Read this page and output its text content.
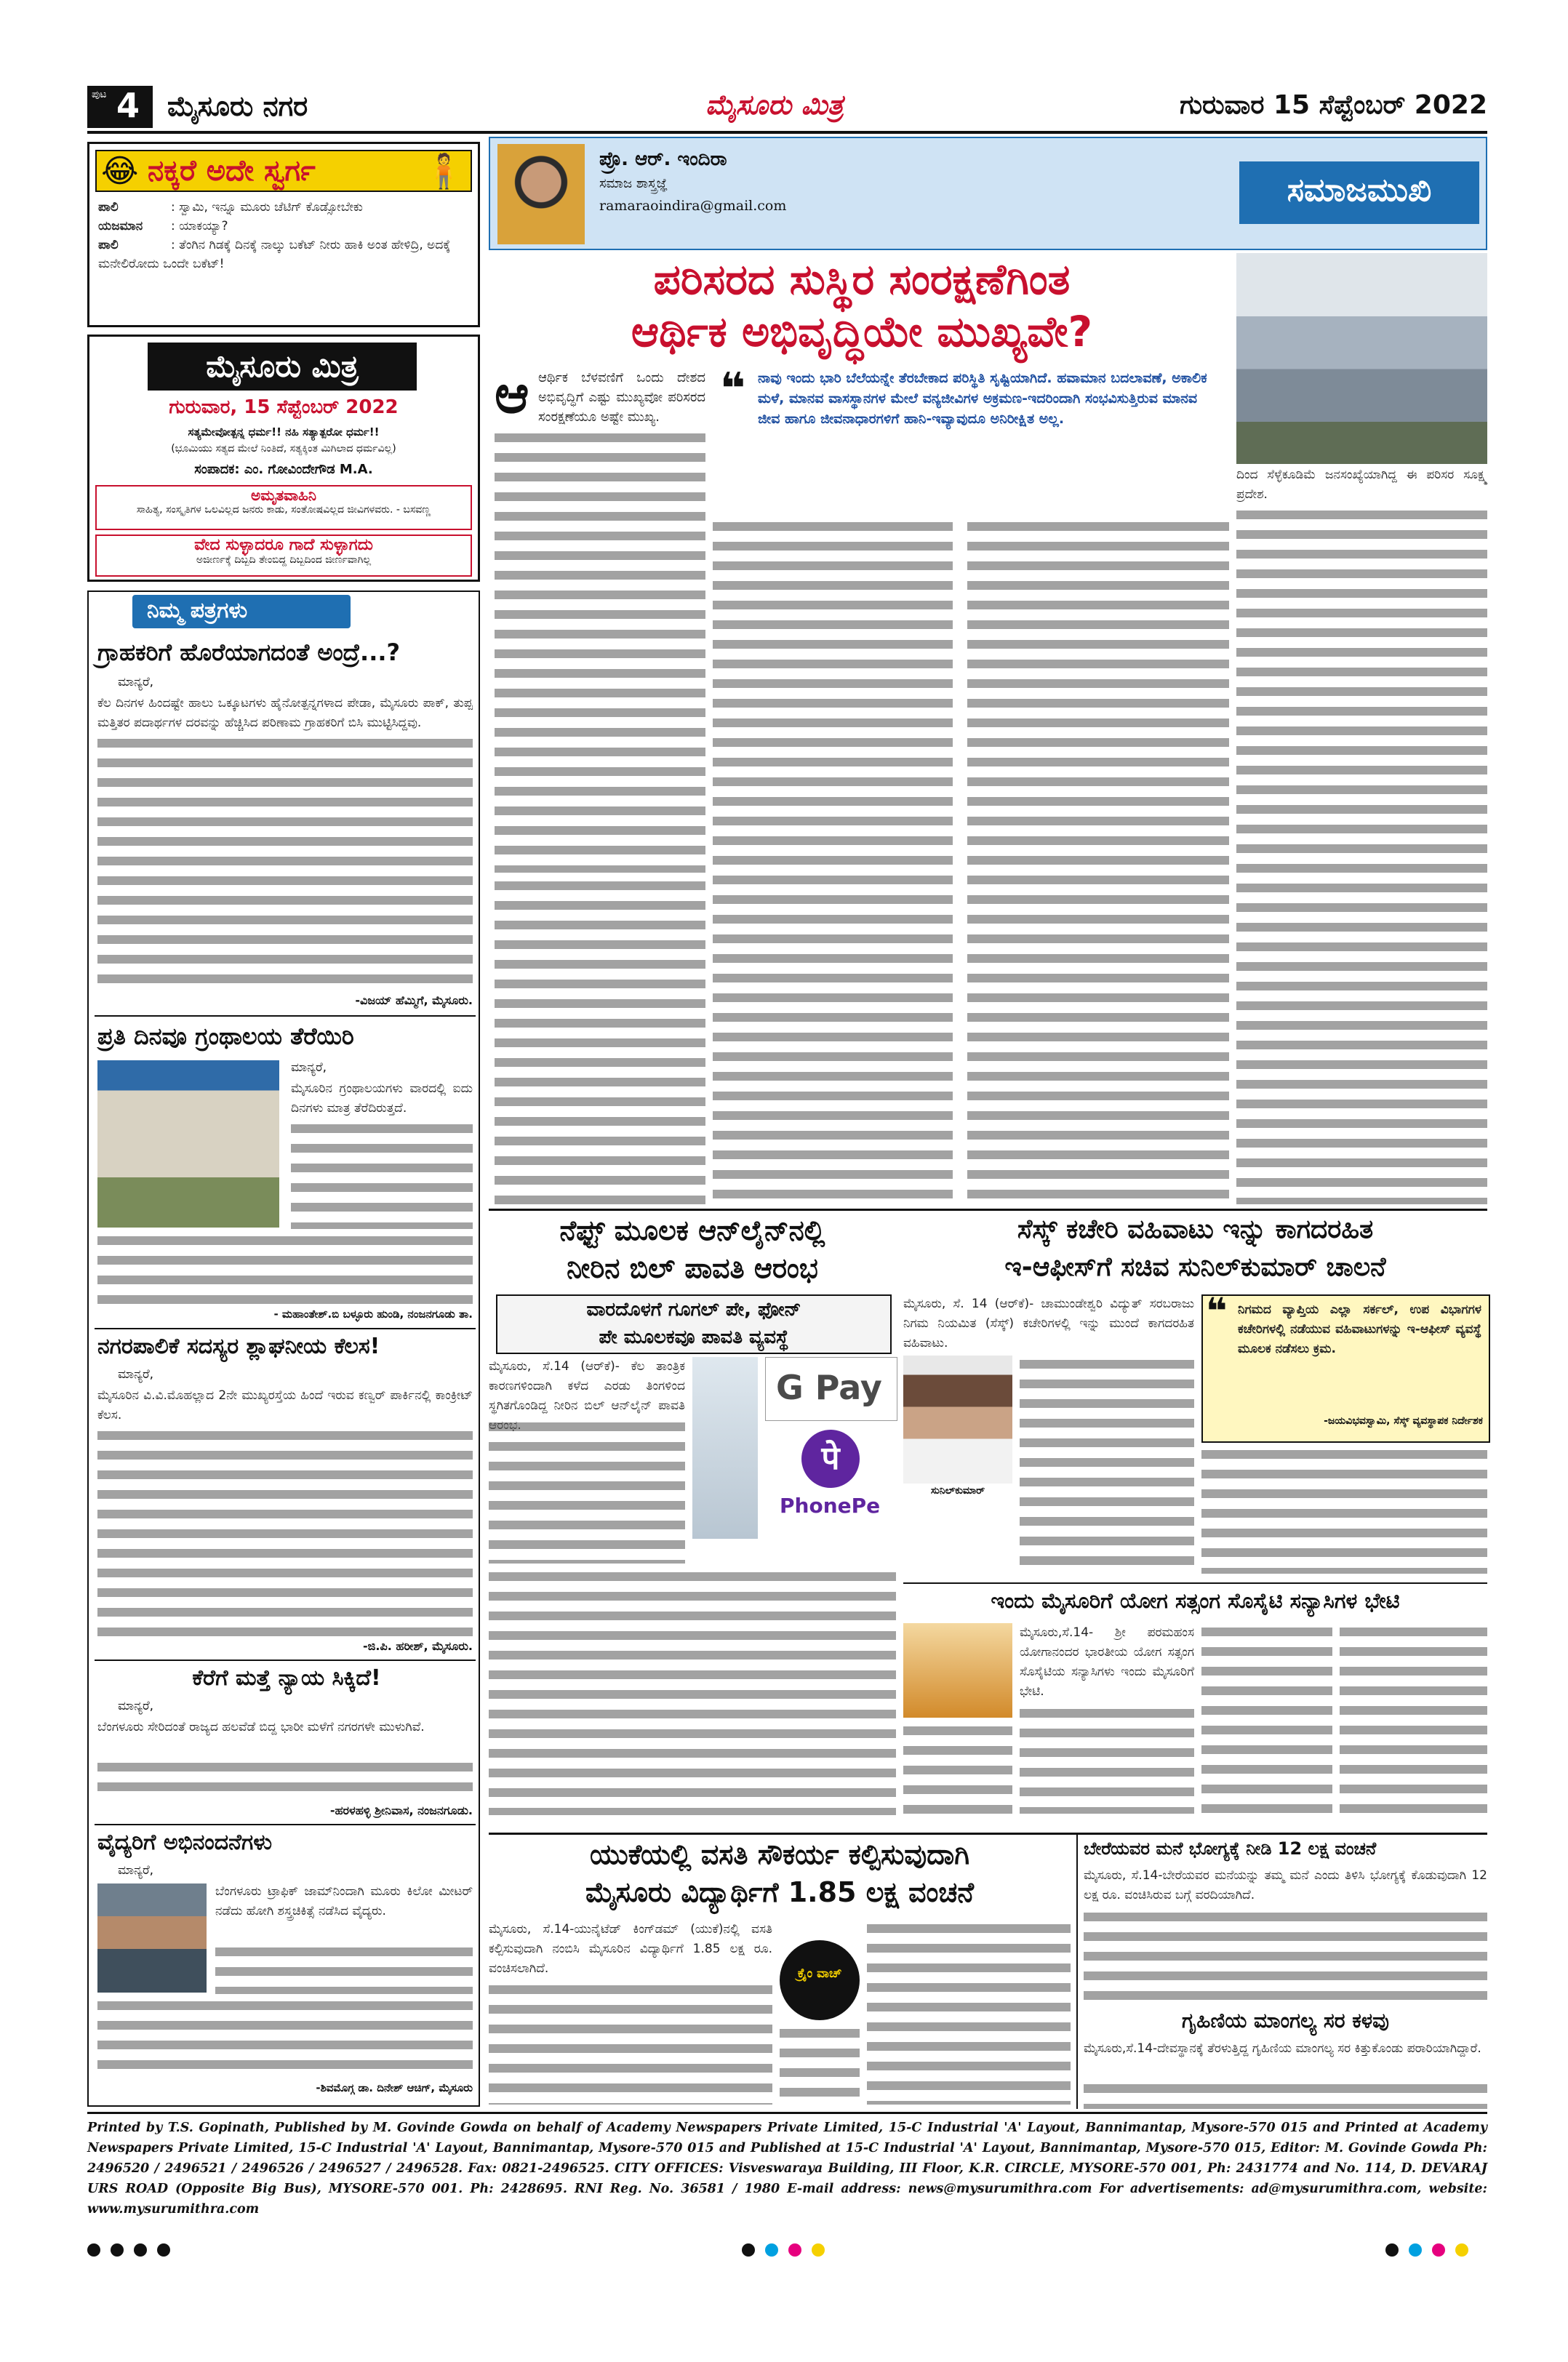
ಪುಟ 4 ಮೈಸೂರು ನಗರ	ಮೈಸೂರು ಮಿತ್ರ	ಗುರುವಾರ 15 ಸೆಪ್ಟೆಂಬರ್ 2022
😂 ನಕ್ಕರೆ ಅದೇ ಸ್ವರ್ಗ	🧍
ಪಾಲಿ	: ಸ್ವಾಮಿ, ಇನ್ನೂ ಮೂರು ಚೆಟಿಗ್ ಕೊಡ್ಸೋಬೇಕು
ಯಜಮಾನ : ಯಾಕಯ್ಯಾ?
ಪಾಲಿ	: ತೆಂಗಿನ ಗಿಡಕ್ಕೆ ದಿನಕ್ಕೆ ನಾಲ್ಕು ಬಕೆಟ್ ನೀರು ಹಾಕಿ ಅಂತ ಹೇಳಿದ್ರಿ, ಅದಕ್ಕೆ ಮನೇಲಿರೋದು ಒಂದೇ ಬಕೆಟ್!
ಮೈಸೂರು ಮಿತ್ರ
ಗುರುವಾರ, 15 ಸೆಪ್ಟೆಂಬರ್ 2022
ಸತ್ಯಮೇವೋತ್ಪನ್ನ ಧರ್ಮ!! ನಹಿ ಸತ್ಯಾತ್ಪರೋ ಧರ್ಮ!!
(ಭೂಮಿಯು ಸತ್ಯದ ಮೇಲೆ ನಿಂತಿದೆ, ಸತ್ಯಕ್ಕಿಂತ ಮಿಗಿಲಾದ ಧರ್ಮವಿಲ್ಲ)
ಸಂಪಾದಕ: ಎಂ. ಗೋವಿಂದೇಗೌಡ M.A.
ಅಮೃತವಾಹಿನಿ
ಸಾಹಿತ್ಯ, ಸಂಸ್ಕೃತಿಗಳ ಒಲವಿಲ್ಲದ ಜನರು ಕಾಡು, ಸಂತೋಷವಿಲ್ಲದ ಜೀವಿಗಳವರು. - ಬಸವಣ್ಣ
ವೇದ ಸುಳ್ಳಾದರೂ ಗಾದೆ ಸುಳ್ಳಾಗದು
ಅಜೀರ್ಣಕ್ಕೆ ದಿಬ್ಬದಿ ತೇಂಬಿದ್ದ ದಿಬ್ಬದಿಂದ ಜೀರ್ಣವಾಗಿಲ್ಲ
ನಿಮ್ಮ ಪತ್ರಗಳು
ಗ್ರಾಹಕರಿಗೆ ಹೊರೆಯಾಗದಂತೆ ಅಂದ್ರೆ...?
ಮಾನ್ಯರೆ,
ಕೆಲ ದಿನಗಳ ಹಿಂದಷ್ಟೇ ಹಾಲು ಒಕ್ಕೂಟಗಳು ಹೈನೋತ್ಪನ್ನಗಳಾದ ಪೇಡಾ, ಮೈಸೂರು ಪಾಕ್, ತುಪ್ಪ ಮತ್ತಿತರ ಪದಾರ್ಥಗಳ ದರವನ್ನು ಹೆಚ್ಚಿಸಿದ ಪರಿಣಾಮ ಗ್ರಾಹಕರಿಗೆ ಬಿಸಿ ಮುಟ್ಟಿಸಿದ್ದವು.
-ವಿಜಯ್ ಹೆಮ್ಮಿಗೆ, ಮೈಸೂರು.
ಪ್ರತಿ ದಿನವೂ ಗ್ರಂಥಾಲಯ ತೆರೆಯಿರಿ
ಮಾನ್ಯರೆ,
ಮೈಸೂರಿನ ಗ್ರಂಥಾಲಯಗಳು ವಾರದಲ್ಲಿ ಐದು ದಿನಗಳು ಮಾತ್ರ ತೆರೆದಿರುತ್ತದೆ.
- ಮಹಾಂತೇಶ್.ಬಿ ಬಳ್ಳೂರು ಹುಂಡಿ, ನಂಜನಗೂಡು ತಾ.
ನಗರಪಾಲಿಕೆ ಸದಸ್ಯರ ಶ್ಲಾಘನೀಯ ಕೆಲಸ!
ಮಾನ್ಯರೆ,
ಮೈಸೂರಿನ ವಿ.ವಿ.ಮೊಹಲ್ಲಾದ 2ನೇ ಮುಖ್ಯರಸ್ತೆಯ ಹಿಂದೆ ಇರುವ ಕಣ್ವರ್ ಪಾರ್ಕಿನಲ್ಲಿ ಕಾಂಕ್ರೀಟ್ ಕೆಲಸ.
-ಜಿ.ಪಿ. ಹರೀಶ್, ಮೈಸೂರು.
ಕೆರೆಗೆ ಮತ್ತೆ ನ್ಯಾಯ ಸಿಕ್ಕಿದೆ!
ಮಾನ್ಯರೆ,
ಬೆಂಗಳೂರು ಸೇರಿದಂತೆ ರಾಜ್ಯದ ಹಲವೆಡೆ ಬಿದ್ದ ಭಾರೀ ಮಳೆಗೆ ನಗರಗಳೇ ಮುಳುಗಿವೆ.
-ಹರಳಹಳ್ಳಿ ಶ್ರೀನಿವಾಸ, ನಂಜನಗೂಡು.
ವೈದ್ಯರಿಗೆ ಅಭಿನಂದನೆಗಳು
ಮಾನ್ಯರೆ,
ಬೆಂಗಳೂರು ಟ್ರಾಫಿಕ್ ಜಾಮ್‌ನಿಂದಾಗಿ ಮೂರು ಕಿಲೋ ಮೀಟರ್ ನಡೆದು ಹೋಗಿ ಶಸ್ತ್ರಚಿಕಿತ್ಸೆ ನಡೆಸಿದ ವೈದ್ಯರು.
-ಶಿವಮೊಗ್ಗ ಡಾ. ದಿನೇಶ್ ಆಚಿಗ್, ಮೈಸೂರು
ಪ್ರೊ. ಆರ್. ಇಂದಿರಾ
ಸಮಾಜ ಶಾಸ್ತ್ರಜ್ಞೆ
ramaraoindira@gmail.com	ಸಮಾಜಮುಖಿ
ಪರಿಸರದ ಸುಸ್ಥಿರ ಸಂರಕ್ಷಣೆಗಿಂತ
ಆರ್ಥಿಕ ಅಭಿವೃದ್ಧಿಯೇ ಮುಖ್ಯವೇ?
ದಿಂದ ಸೆಳ್ಳೆಕೂಡಿಮೆ ಜನಸಂಖ್ಯೆಯಾಗಿದ್ದ ಈ ಪರಿಸರ ಸೂಕ್ಷ್ಮ ಪ್ರದೇಶ.
ಆ ಆರ್ಥಿಕ ಬೆಳವಣಿಗೆ ಒಂದು ದೇಶದ ಅಭಿವೃದ್ಧಿಗೆ ಎಷ್ಟು ಮುಖ್ಯವೋ ಪರಿಸರದ ಸಂರಕ್ಷಣೆಯೂ ಅಷ್ಟೇ ಮುಖ್ಯ.
❝ ನಾವು ಇಂದು ಭಾರಿ ಬೆಲೆಯನ್ನೇ ತೆರಬೇಕಾದ ಪರಿಸ್ಥಿತಿ ಸೃಷ್ಟಿಯಾಗಿದೆ. ಹವಾಮಾನ ಬದಲಾವಣೆ, ಅಕಾಲಿಕ ಮಳೆ, ಮಾನವ ವಾಸಸ್ಥಾನಗಳ ಮೇಲೆ ವನ್ಯಜೀವಿಗಳ ಅಕ್ರಮಣ-ಇದರಿಂದಾಗಿ ಸಂಭವಿಸುತ್ತಿರುವ ಮಾನವ ಜೀವ ಹಾಗೂ ಜೀವನಾಧಾರಗಳಿಗೆ ಹಾನಿ-ಇವ್ಯಾವುದೂ ಅನಿರೀಕ್ಷಿತ ಅಲ್ಲ.
ನೆಫ್ಟ್ ಮೂಲಕ ಆನ್‌ಲೈನ್‌ನಲ್ಲಿ
ನೀರಿನ ಬಿಲ್ ಪಾವತಿ ಆರಂಭ
ವಾರದೊಳಗೆ ಗೂಗಲ್ ಪೇ, ಫೋನ್
ಪೇ ಮೂಲಕವೂ ಪಾವತಿ ವ್ಯವಸ್ಥೆ
ಮೈಸೂರು, ಸೆ.14 (ಆರ್‌ಕೆ)- ಕೆಲ ತಾಂತ್ರಿಕ ಕಾರಣಗಳಿಂದಾಗಿ ಕಳೆದ ಎರಡು ತಿಂಗಳಿಂದ ಸ್ಥಗಿತಗೊಂಡಿದ್ದ ನೀರಿನ ಬಿಲ್ ಆನ್‌ಲೈನ್ ಪಾವತಿ	G Pay
पे
PhonePe
ಸೆಸ್ಕ್ ಕಚೇರಿ ವಹಿವಾಟು ಇನ್ನು ಕಾಗದರಹಿತ
ಇ-ಆಫೀಸ್‌ಗೆ ಸಚಿವ ಸುನಿಲ್‌ಕುಮಾರ್ ಚಾಲನೆ
ಮೈಸೂರು, ಸೆ. 14 (ಆರ್‌ಕೆ)- ಚಾಮುಂಡೇಶ್ವರಿ ವಿದ್ಯುತ್ ಸರಬರಾಜು ನಿಗಮ ನಿಯಮಿತ (ಸೆಸ್ಕ್) ಕಚೇರಿಗಳಲ್ಲಿ ಇನ್ನು ಮುಂದೆ ಕಾಗದರಹಿತ ವಹಿವಾಟು.
ಸುನಿಲ್‌ಕುಮಾರ್
❝ ನಿಗಮದ ವ್ಯಾಪ್ತಿಯ ಎಲ್ಲಾ ಸರ್ಕಲ್, ಉಪ ವಿಭಾಗಗಳ ಕಚೇರಿಗಳಲ್ಲಿ ನಡೆಯುವ ವಹಿವಾಟುಗಳನ್ನು ಇ-ಆಫೀಸ್ ವ್ಯವಸ್ಥೆ ಮೂಲಕ ನಡೆಸಲು ಕ್ರಮ.
-ಜಯವಿಭವಸ್ವಾಮಿ, ಸೆಸ್ಕ್ ವ್ಯವಸ್ಥಾಪಕ ನಿರ್ದೇಶಕ
ಇಂದು ಮೈಸೂರಿಗೆ ಯೋಗ ಸತ್ಸಂಗ ಸೊಸೈಟಿ ಸನ್ಯಾಸಿಗಳ ಭೇಟಿ
ಮೈಸೂರು,ಸೆ.14- ಶ್ರೀ ಪರಮಹಂಸ ಯೋಗಾನಂದರ ಭಾರತೀಯ ಯೋಗ ಸತ್ಸಂಗ ಸೊಸೈಟಿಯ ಸನ್ಯಾಸಿಗಳು ಇಂದು ಮೈಸೂರಿಗೆ ಭೇಟಿ.
ಯುಕೆಯಲ್ಲಿ ವಸತಿ ಸೌಕರ್ಯ ಕಲ್ಪಿಸುವುದಾಗಿ
ಮೈಸೂರು ವಿದ್ಯಾರ್ಥಿಗೆ 1.85 ಲಕ್ಷ ವಂಚನೆ
ಮೈಸೂರು, ಸೆ.14-ಯುನೈಟೆಡ್ ಕಿಂಗ್‌ಡಮ್ (ಯುಕೆ)ನಲ್ಲಿ ವಸತಿ ಕಲ್ಪಿಸುವುದಾಗಿ ನಂಬಿಸಿ ಮೈಸೂರಿನ ವಿದ್ಯಾರ್ಥಿಗೆ 1.85 ಲಕ್ಷ ರೂ. ವಂಚಿಸಲಾಗಿದೆ.	ಕ್ರೈಂ ವಾಚ್
ಬೇರೆಯವರ ಮನೆ ಭೋಗ್ಯಕ್ಕೆ ನೀಡಿ 12 ಲಕ್ಷ ವಂಚನೆ
ಮೈಸೂರು, ಸೆ.14-ಬೇರೆಯವರ ಮನೆಯನ್ನು ತಮ್ಮ ಮನೆ ಎಂದು ತಿಳಿಸಿ ಭೋಗ್ಯಕ್ಕೆ ಕೊಡುವುದಾಗಿ 12 ಲಕ್ಷ ರೂ. ವಂಚಿಸಿರುವ ಬಗ್ಗೆ ವರದಿಯಾಗಿದೆ.
ಗೃಹಿಣಿಯ ಮಾಂಗಲ್ಯ ಸರ ಕಳವು
ಮೈಸೂರು,ಸೆ.14-ದೇವಸ್ಥಾನಕ್ಕೆ ತೆರಳುತ್ತಿದ್ದ ಗೃಹಿಣಿಯ ಮಾಂಗಲ್ಯ ಸರ ಕಿತ್ತುಕೊಂಡು ಪರಾರಿಯಾಗಿದ್ದಾರೆ.
Printed by T.S. Gopinath, Published by M. Govinde Gowda on behalf of Academy Newspapers Private Limited, 15-C Industrial 'A' Layout, Bannimantap, Mysore-570 015 and Printed at Academy Newspapers Private Limited, 15-C Industrial 'A' Layout, Bannimantap, Mysore-570 015 and Published at 15-C Industrial 'A' Layout, Bannimantap, Mysore-570 015, Editor: M. Govinde Gowda Ph: 2496520 / 2496521 / 2496526 / 2496527 / 2496528. Fax: 0821-2496525. CITY OFFICES: Visveswaraya Building, III Floor, K.R. CIRCLE, MYSORE-570 001, Ph: 2431774 and No. 114, D. DEVARAJ URS ROAD (Opposite Big Bus), MYSORE-570 001. Ph: 2428695. RNI Reg. No. 36581 / 1980 E-mail address: news@mysurumithra.com For advertisements: ad@mysurumithra.com, website: www.mysurumithra.com
